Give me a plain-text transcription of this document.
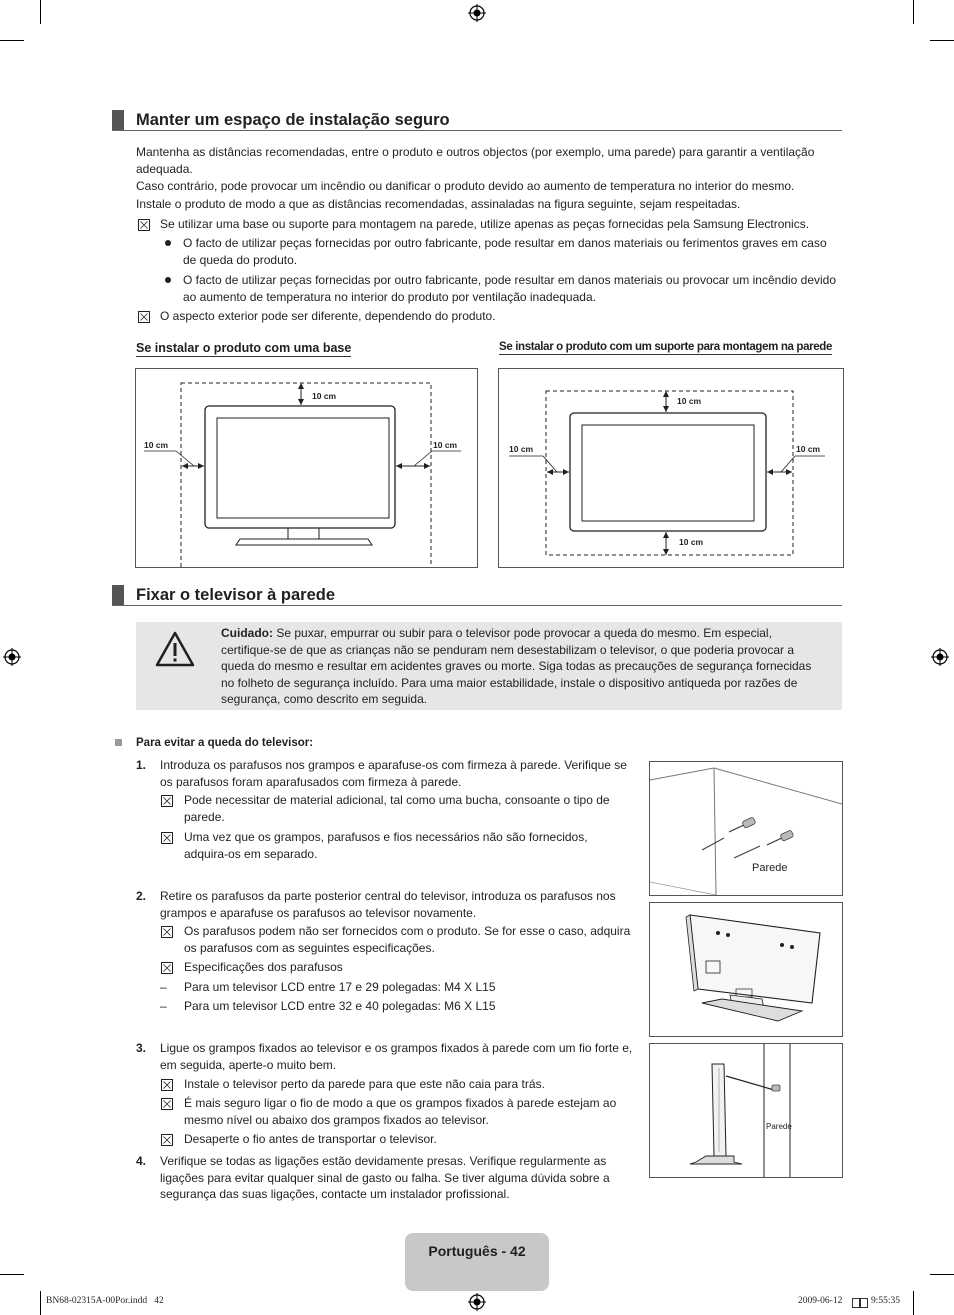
Manter um espaço de instalação seguro
Mantenha as distâncias recomendadas, entre o produto e outros objectos (por exemplo, uma parede) para garantir a ventilação adequada.
Caso contrário, pode provocar um incêndio ou danificar o produto devido ao aumento de temperatura no interior do mesmo.
Instale o produto de modo a que as distâncias recomendadas, assinaladas na figura seguinte, sejam respeitadas.
Se utilizar uma base ou suporte para montagem na parede, utilize apenas as peças fornecidas pela Samsung Electronics.
O facto de utilizar peças fornecidas por outro fabricante, pode resultar em danos materiais ou ferimentos graves em caso de queda do produto.
O facto de utilizar peças fornecidas por outro fabricante, pode resultar em danos materiais ou provocar um incêndio devido ao aumento de temperatura no interior do produto por ventilação inadequada.
O aspecto exterior pode ser diferente, dependendo do produto.
Se instalar o produto com uma base	Se instalar o produto com um suporte para montagem na parede
10 cm
10 cm	10 cm
10 cm
10 cm	10 cm
10 cm
Fixar o televisor à parede
Cuidado: Se puxar, empurrar ou subir para o televisor pode provocar a queda do mesmo. Em especial, certifique-se de que as crianças não se penduram nem desestabilizam o televisor, o que poderia provocar a queda do mesmo e resultar em acidentes graves ou morte. Siga todas as precauções de segurança fornecidas no folheto de segurança incluído. Para uma maior estabilidade, instale o dispositivo antiqueda por razões de segurança, como descrito em seguida.
Para evitar a queda do televisor:
1. Introduza os parafusos nos grampos e aparafuse-os com firmeza à parede. Verifique se os parafusos foram aparafusados com firmeza à parede.
Pode necessitar de material adicional, tal como uma bucha, consoante o tipo de parede.
Uma vez que os grampos, parafusos e fios necessários não são fornecidos, adquira-os em separado.
2. Retire os parafusos da parte posterior central do televisor, introduza os parafusos nos grampos e aparafuse os parafusos ao televisor novamente.
Os parafusos podem não ser fornecidos com o produto. Se for esse o caso, adquira os parafusos com as seguintes especificações.
Especificações dos parafusos
– Para um televisor LCD entre 17 e 29 polegadas: M4 X L15
– Para um televisor LCD entre 32 e 40 polegadas: M6 X L15
3. Ligue os grampos fixados ao televisor e os grampos fixados à parede com um fio forte e, em seguida, aperte-o muito bem.
Instale o televisor perto da parede para que este não caia para trás.
É mais seguro ligar o fio de modo a que os grampos fixados à parede estejam ao mesmo nível ou abaixo dos grampos fixados ao televisor.
Desaperte o fio antes de transportar o televisor.
4. Verifique se todas as ligações estão devidamente presas. Verifique regularmente as ligações para evitar qualquer sinal de gasto ou falha. Se tiver alguma dúvida sobre a segurança das suas ligações, contacte um instalador profissional.
Parede
Parede
Português - 42
BN68-02315A-00Por.indd   42	2009-06-12	9:55:35
